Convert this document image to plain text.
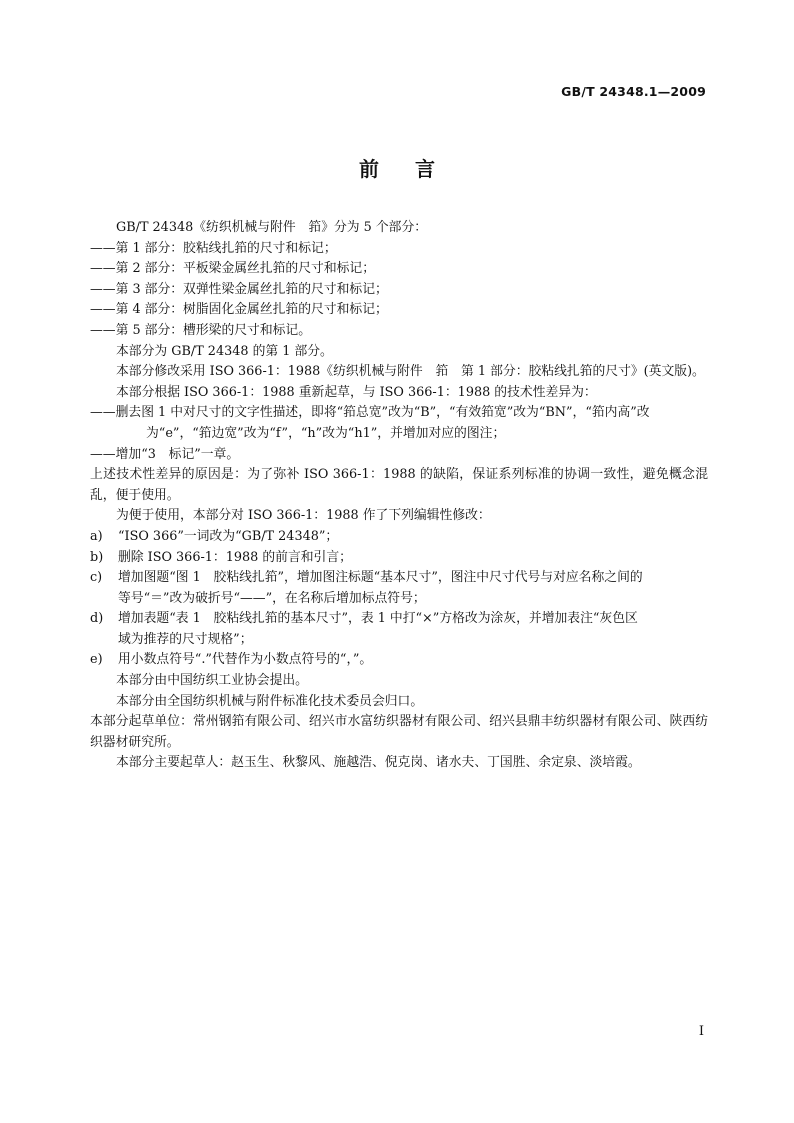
GB/T 24348.1—2009
前言

GB/T 24348《纺织机械与附件　筘》分为 5 个部分：

——第 1 部分：胶粘线扎筘的尺寸和标记；

——第 2 部分：平板梁金属丝扎筘的尺寸和标记；

——第 3 部分：双弹性梁金属丝扎筘的尺寸和标记；

——第 4 部分：树脂固化金属丝扎筘的尺寸和标记；

——第 5 部分：槽形梁的尺寸和标记。

本部分为 GB/T 24348 的第 1 部分。

本部分修改采用 ISO 366-1：1988《纺织机械与附件　筘　第 1 部分：胶粘线扎筘的尺寸》(英文版)。

本部分根据 ISO 366-1：1988 重新起草，与 ISO 366-1：1988 的技术性差异为：

——删去图 1 中对尺寸的文字性描述，即将“筘总宽”改为“B”，“有效筘宽”改为“BN”，“筘内高”改

为“e”，“筘边宽”改为“f”，“h”改为“h1”，并增加对应的图注；

——增加“3　标记”一章。

上述技术性差异的原因是：为了弥补 ISO 366-1：1988 的缺陷，保证系列标准的协调一致性，避免概念混乱，便于使用。

为便于使用，本部分对 ISO 366-1：1988 作了下列编辑性修改：

a) “ISO 366”一词改为“GB/T 24348”；
b) 删除 ISO 366-1：1988 的前言和引言；
c) 增加图题“图 1　胶粘线扎筘”，增加图注标题“基本尺寸”，图注中尺寸代号与对应名称之间的
等号“＝”改为破折号“——”，在名称后增加标点符号；
d) 增加表题“表 1　胶粘线扎筘的基本尺寸”，表 1 中打“×”方格改为涂灰，并增加表注“灰色区
域为推荐的尺寸规格”；
e) 用小数点符号“.”代替作为小数点符号的“，”。

本部分由中国纺织工业协会提出。

本部分由全国纺织机械与附件标准化技术委员会归口。

本部分起草单位：常州钢筘有限公司、绍兴市水富纺织器材有限公司、绍兴县鼎丰纺织器材有限公司、陕西纺织器材研究所。

本部分主要起草人：赵玉生、秋黎风、施越浩、倪克岗、诸水夫、丁国胜、余定泉、淡培霞。

I
